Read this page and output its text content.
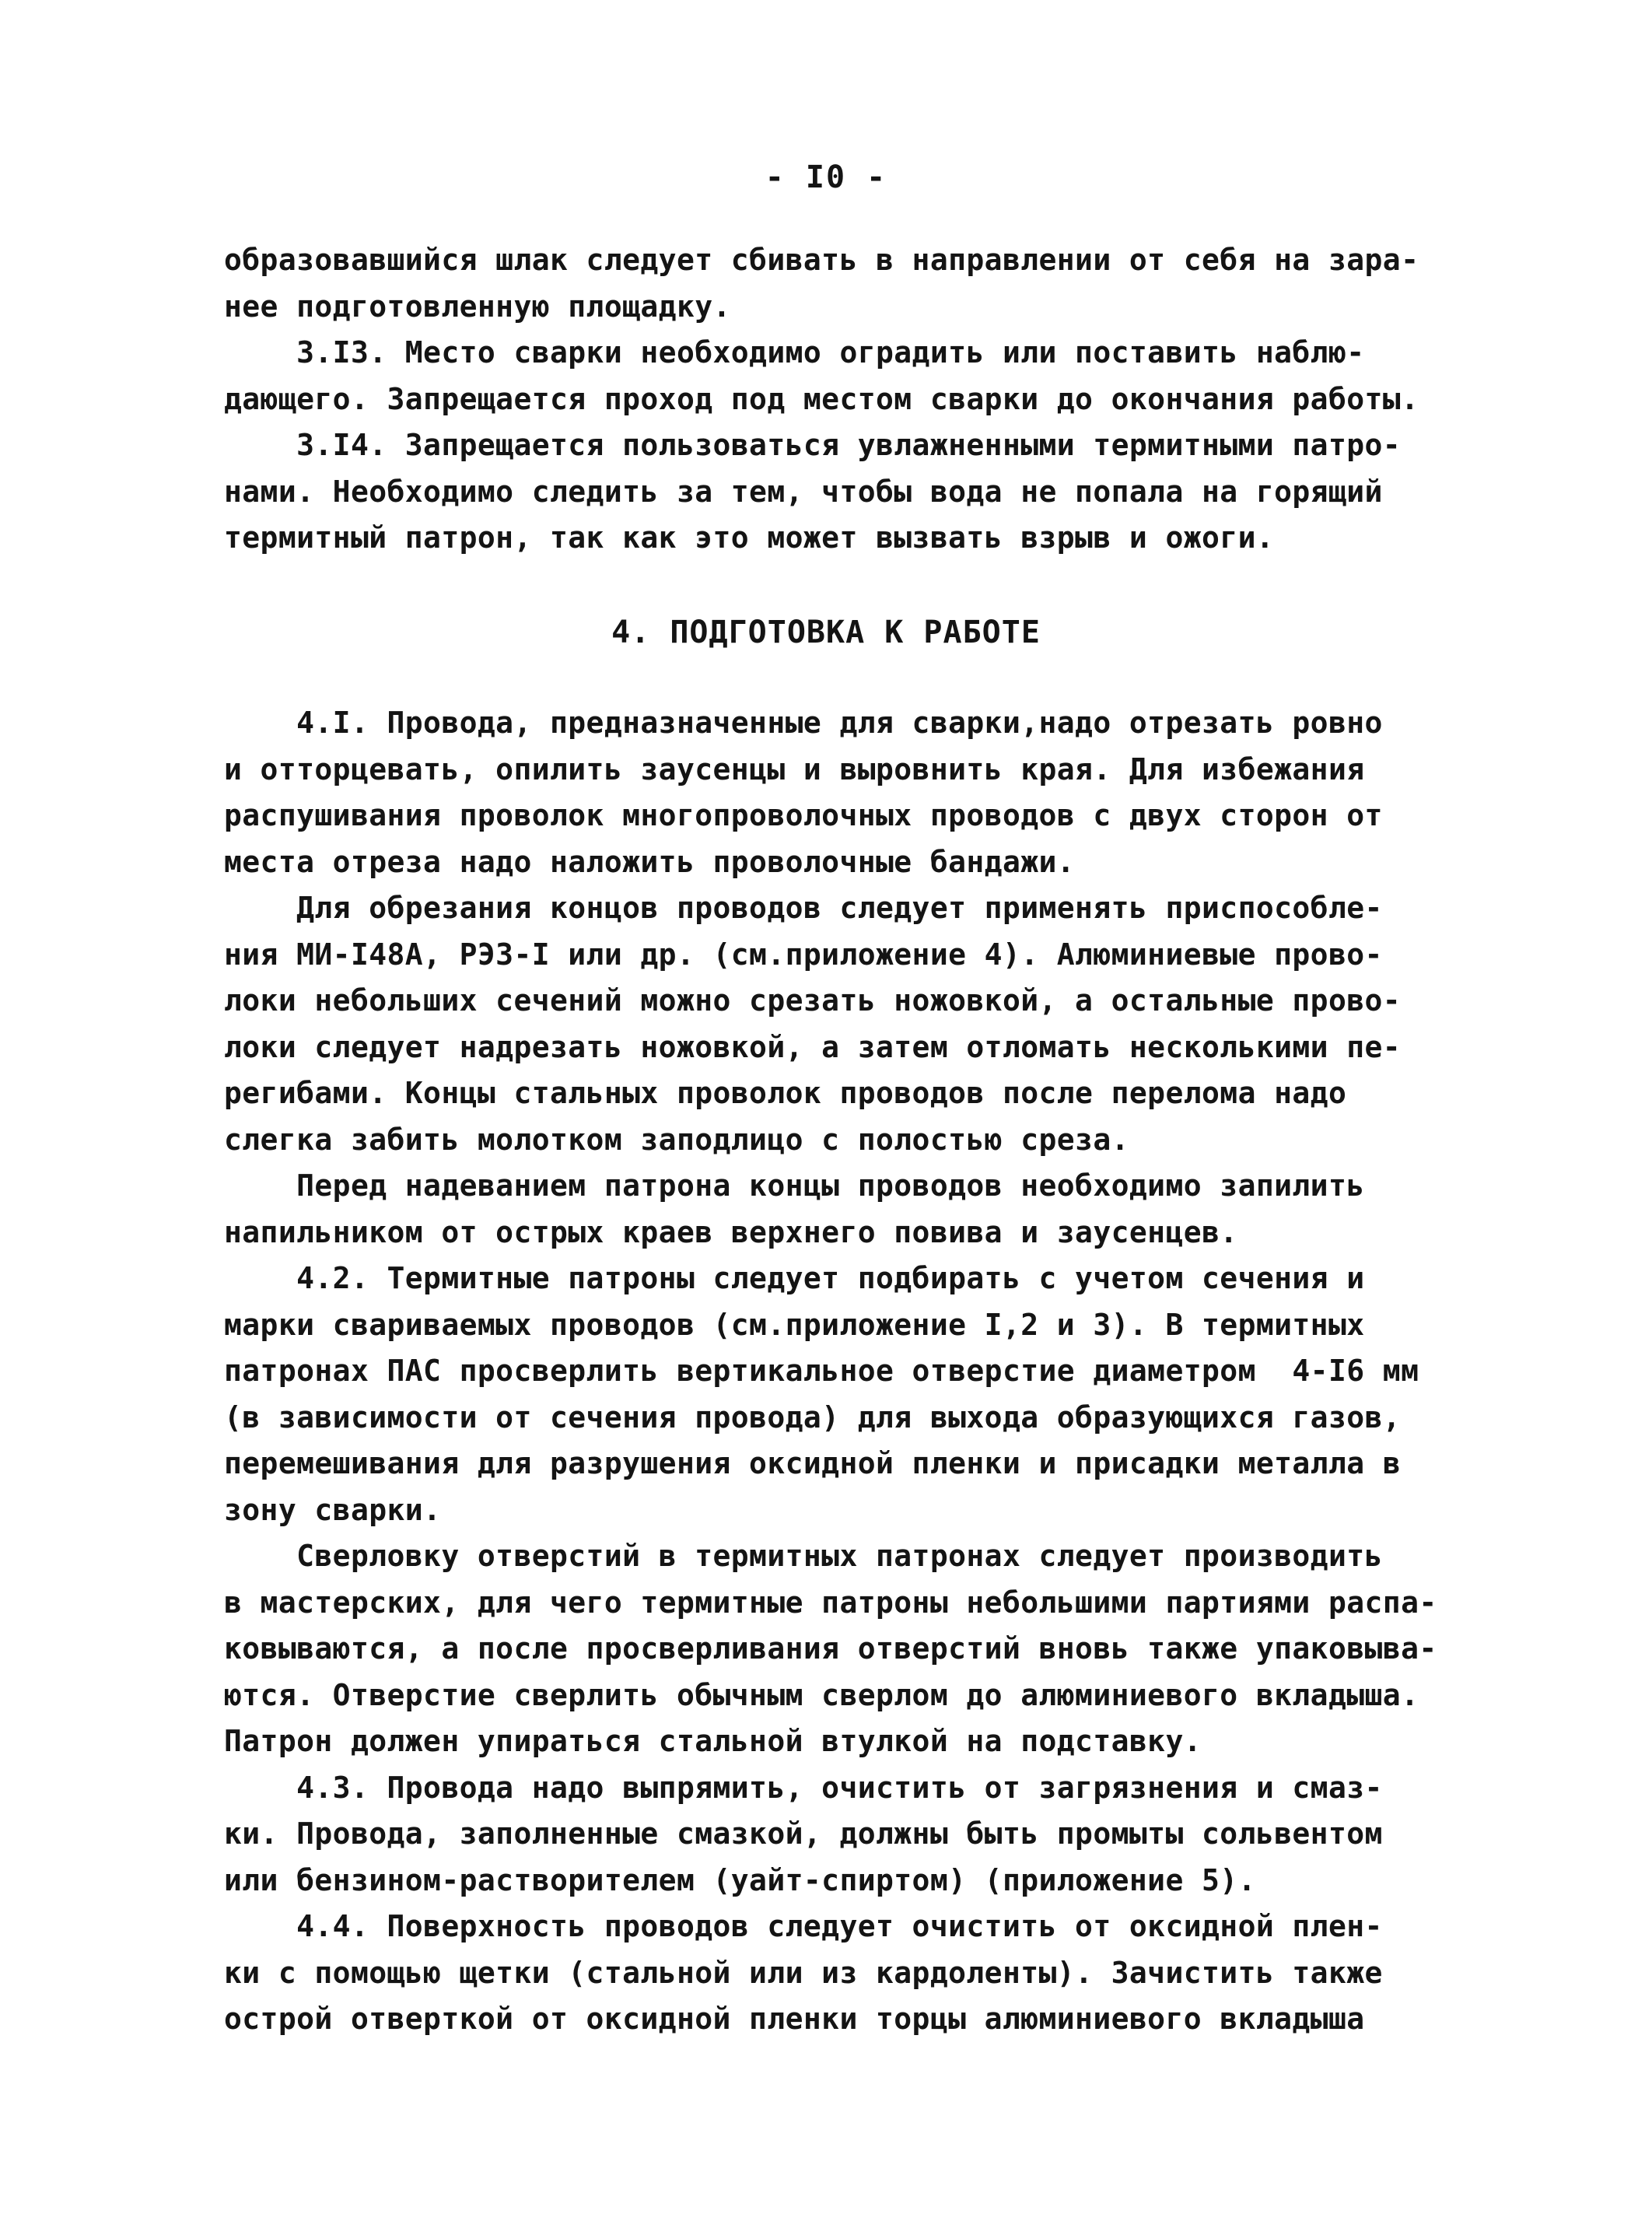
- I0 -
образовавшийся шлак следует сбивать в направлении от себя на зара-
нее подготовленную площадку.
3.I3. Место сварки необходимо оградить или поставить наблю-
дающего. Запрещается проход под местом сварки до окончания работы.
3.I4. Запрещается пользоваться увлажненными термитными патро-
нами. Необходимо следить за тем, чтобы вода не попала на горящий
термитный патрон, так как это может вызвать взрыв и ожоги.
4. ПОДГОТОВКА К РАБОТЕ
4.I. Провода, предназначенные для сварки,надо отрезать ровно
и отторцевать, опилить заусенцы и выровнить края. Для избежания
распушивания проволок многопроволочных проводов с двух сторон от
места отреза надо наложить проволочные бандажи.
Для обрезания концов проводов следует применять приспособле-
ния МИ-I48А, РЭЗ-I или др. (см.приложение 4). Алюминиевые прово-
локи небольших сечений можно срезать ножовкой, а остальные прово-
локи следует надрезать ножовкой, а затем отломать несколькими пе-
регибами. Концы стальных проволок проводов после перелома надо
слегка забить молотком заподлицо с полостью среза.
Перед надеванием патрона концы проводов необходимо запилить
напильником от острых краев верхнего повива и заусенцев.
4.2. Термитные патроны следует подбирать с учетом сечения и
марки свариваемых проводов (см.приложение I,2 и 3). В термитных
патронах ПАС просверлить вертикальное отверстие диаметром  4-I6 мм
(в зависимости от сечения провода) для выхода образующихся газов,
перемешивания для разрушения оксидной пленки и присадки металла в
зону сварки.
Сверловку отверстий в термитных патронах следует производить
в мастерских, для чего термитные патроны небольшими партиями распа-
ковываются, а после просверливания отверстий вновь также упаковыва-
ются. Отверстие сверлить обычным сверлом до алюминиевого вкладыша.
Патрон должен упираться стальной втулкой на подставку.
4.3. Провода надо выпрямить, очистить от загрязнения и смаз-
ки. Провода, заполненные смазкой, должны быть промыты сольвентом
или бензином-растворителем (уайт-спиртом) (приложение 5).
4.4. Поверхность проводов следует очистить от оксидной плен-
ки с помощью щетки (стальной или из кардоленты). Зачистить также
острой отверткой от оксидной пленки торцы алюминиевого вкладыша
